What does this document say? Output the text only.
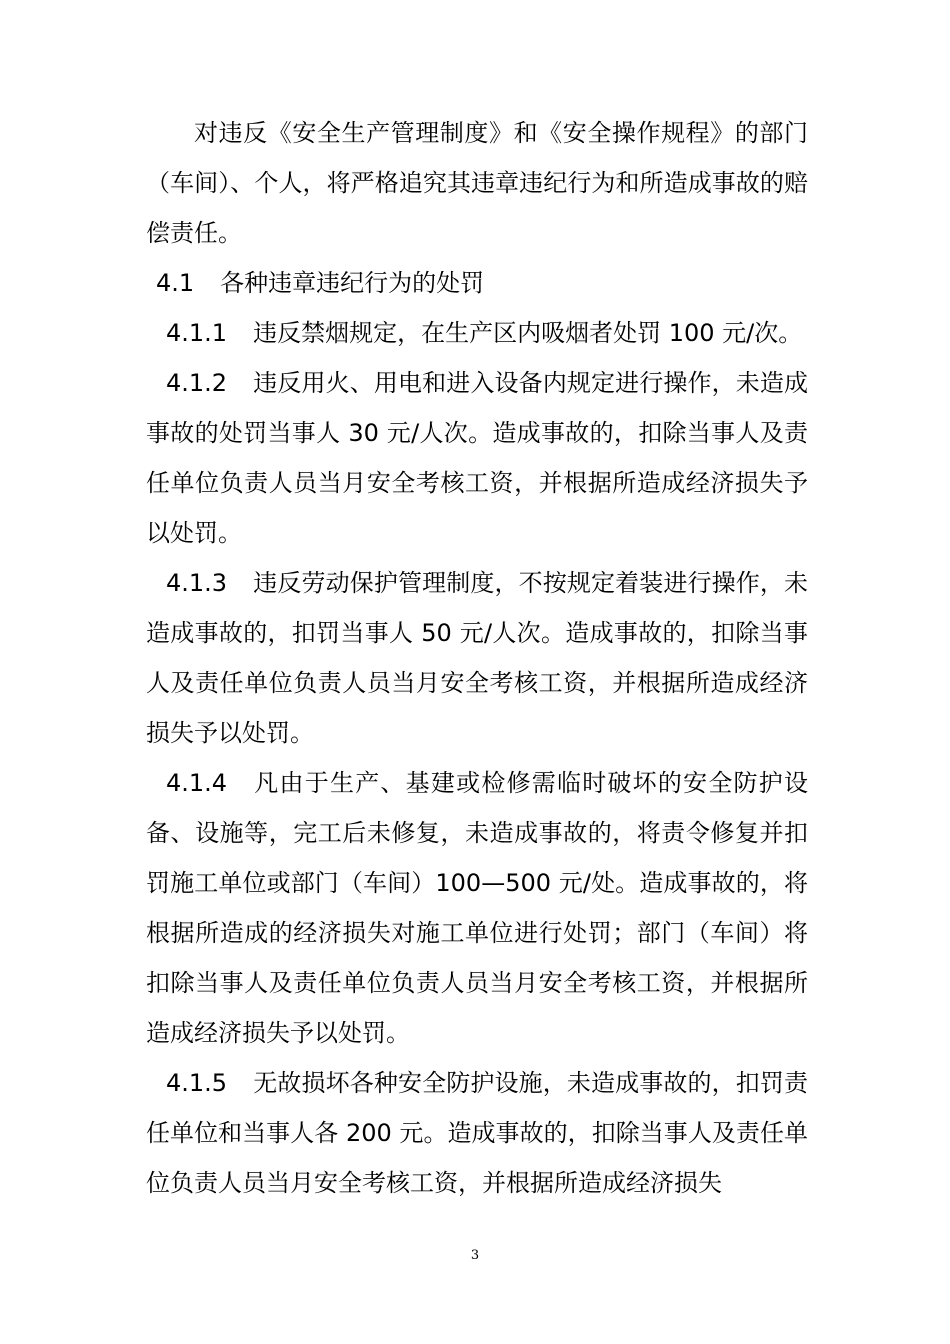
对违反《安全生产管理制度》和《安全操作规程》的部门（车间）、个人，将严格追究其违章违纪行为和所造成事故的赔偿责任。

4.1 各种违章违纪行为的处罚

4.1.1 违反禁烟规定，在生产区内吸烟者处罚 100 元/次。

4.1.2 违反用火、用电和进入设备内规定进行操作，未造成事故的处罚当事人 30 元/人次。造成事故的，扣除当事人及责任单位负责人员当月安全考核工资，并根据所造成经济损失予以处罚。

4.1.3 违反劳动保护管理制度，不按规定着装进行操作，未造成事故的，扣罚当事人 50 元/人次。造成事故的，扣除当事人及责任单位负责人员当月安全考核工资，并根据所造成经济损失予以处罚。

4.1.4 凡由于生产、基建或检修需临时破坏的安全防护设备、设施等，完工后未修复，未造成事故的，将责令修复并扣罚施工单位或部门（车间）100—500 元/处。造成事故的，将根据所造成的经济损失对施工单位进行处罚；部门（车间）将扣除当事人及责任单位负责人员当月安全考核工资，并根据所造成经济损失予以处罚。

4.1.5 无故损坏各种安全防护设施，未造成事故的，扣罚责任单位和当事人各 200 元。造成事故的，扣除当事人及责任单位负责人员当月安全考核工资，并根据所造成经济损失

3
